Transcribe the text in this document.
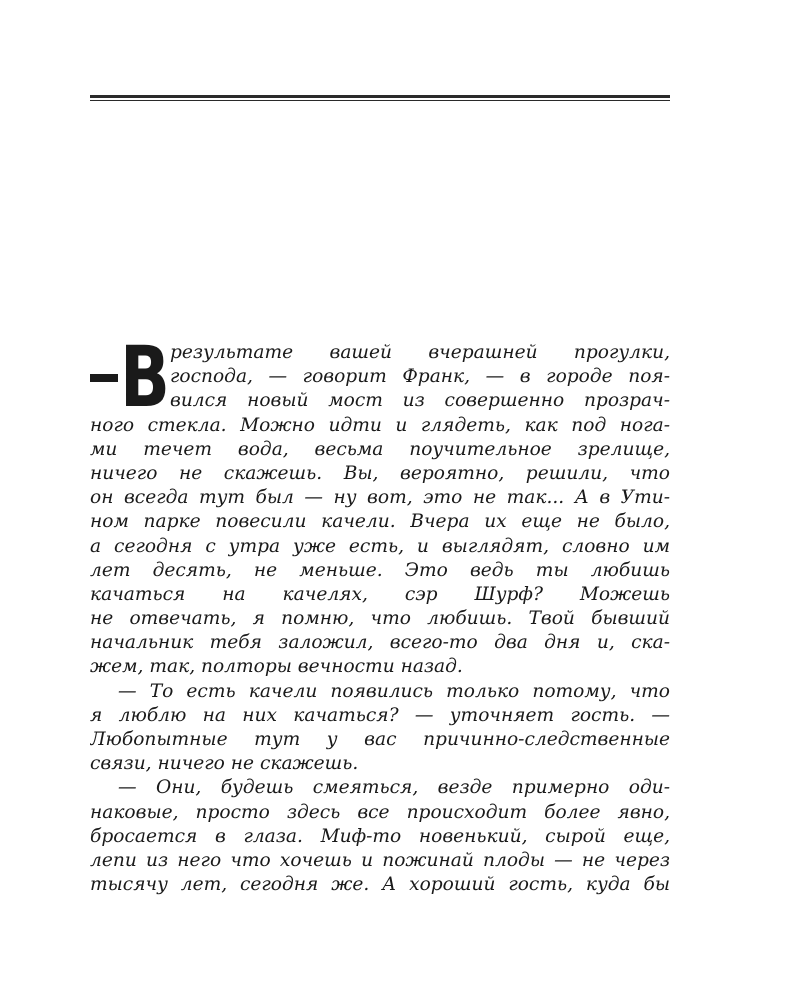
В результате вашей вчерашней прогулки,
господа, — говорит Франк, — в городе поя-
вился новый мост из совершенно прозрач-
ного стекла. Можно идти и глядеть, как под нога-
ми течет вода, весьма поучительное зрелище,
ничего не скажешь. Вы, вероятно, решили, что
он всегда тут был — ну вот, это не так... А в Ути-
ном парке повесили качели. Вчера их еще не было,
а сегодня с утра уже есть, и выглядят, словно им
лет десять, не меньше. Это ведь ты любишь
качаться на качелях, сэр Шурф? Можешь
не отвечать, я помню, что любишь. Твой бывший
начальник тебя заложил, всего-то два дня и, ска-
жем, так, полторы вечности назад.
— То есть качели появились только потому, что
я люблю на них качаться? — уточняет гость. —
Любопытные тут у вас причинно-следственные
связи, ничего не скажешь.
— Они, будешь смеяться, везде примерно оди-
наковые, просто здесь все происходит более явно,
бросается в глаза. Миф-то новенький, сырой еще,
лепи из него что хочешь и пожинай плоды — не через
тысячу лет, сегодня же. А хороший гость, куда бы
